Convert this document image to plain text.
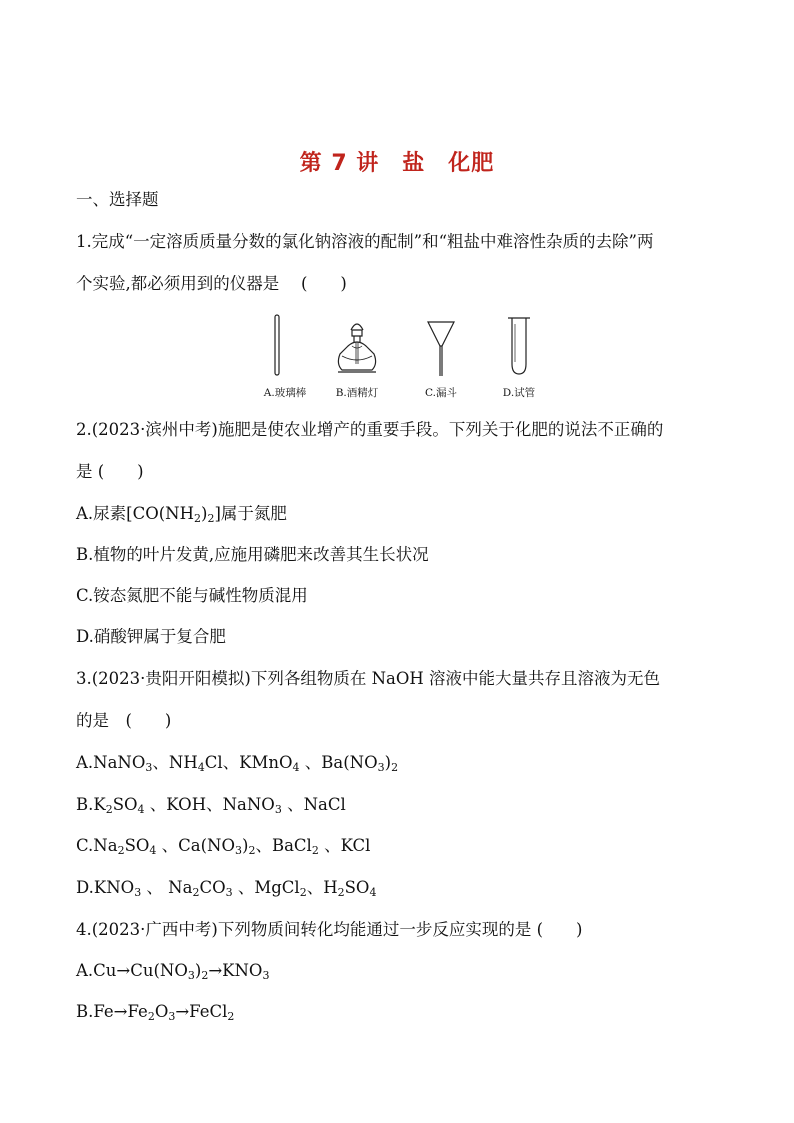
第 7 讲　盐　化肥
一、选择题
1.完成“一定溶质质量分数的氯化钠溶液的配制”和“粗盐中难溶性杂质的去除”两
个实验,都必须用到的仪器是　 (　　)
A.玻璃棒	B.酒精灯	C.漏斗	D.试管
2.(2023·滨州中考)施肥是使农业增产的重要手段。下列关于化肥的说法不正确的
是 (　　)
A.尿素$[CO(NH_2)_2]$属于氮肥
B.植物的叶片发黄,应施用磷肥来改善其生长状况
C.铵态氮肥不能与碱性物质混用
D.硝酸钾属于复合肥
3.(2023·贵阳开阳模拟)下列各组物质在 NaOH 溶液中能大量共存且溶液为无色
的是　(　　)
A.NaNO$_3$、$NH_4Cl$、KMnO$_4$ 、$Ba(NO_3)_2$
$B.K_2SO_4$ 、KOH、NaNO$_3$ 、NaCl
$C.Na_2SO_4$ 、$Ca(NO_3)_2$、BaCl$_2$ 、KCl
$D.KNO_3$ 、 $Na_2CO_3$ 、MgCl$_2$、$H_2SO_4$
4.(2023·广西中考)下列物质间转化均能通过一步反应实现的是 (　　)
$A.Cu\to Cu(NO_3)_2\to KNO_3$
$B.Fe\to Fe_2O_3\to FeCl_2$
